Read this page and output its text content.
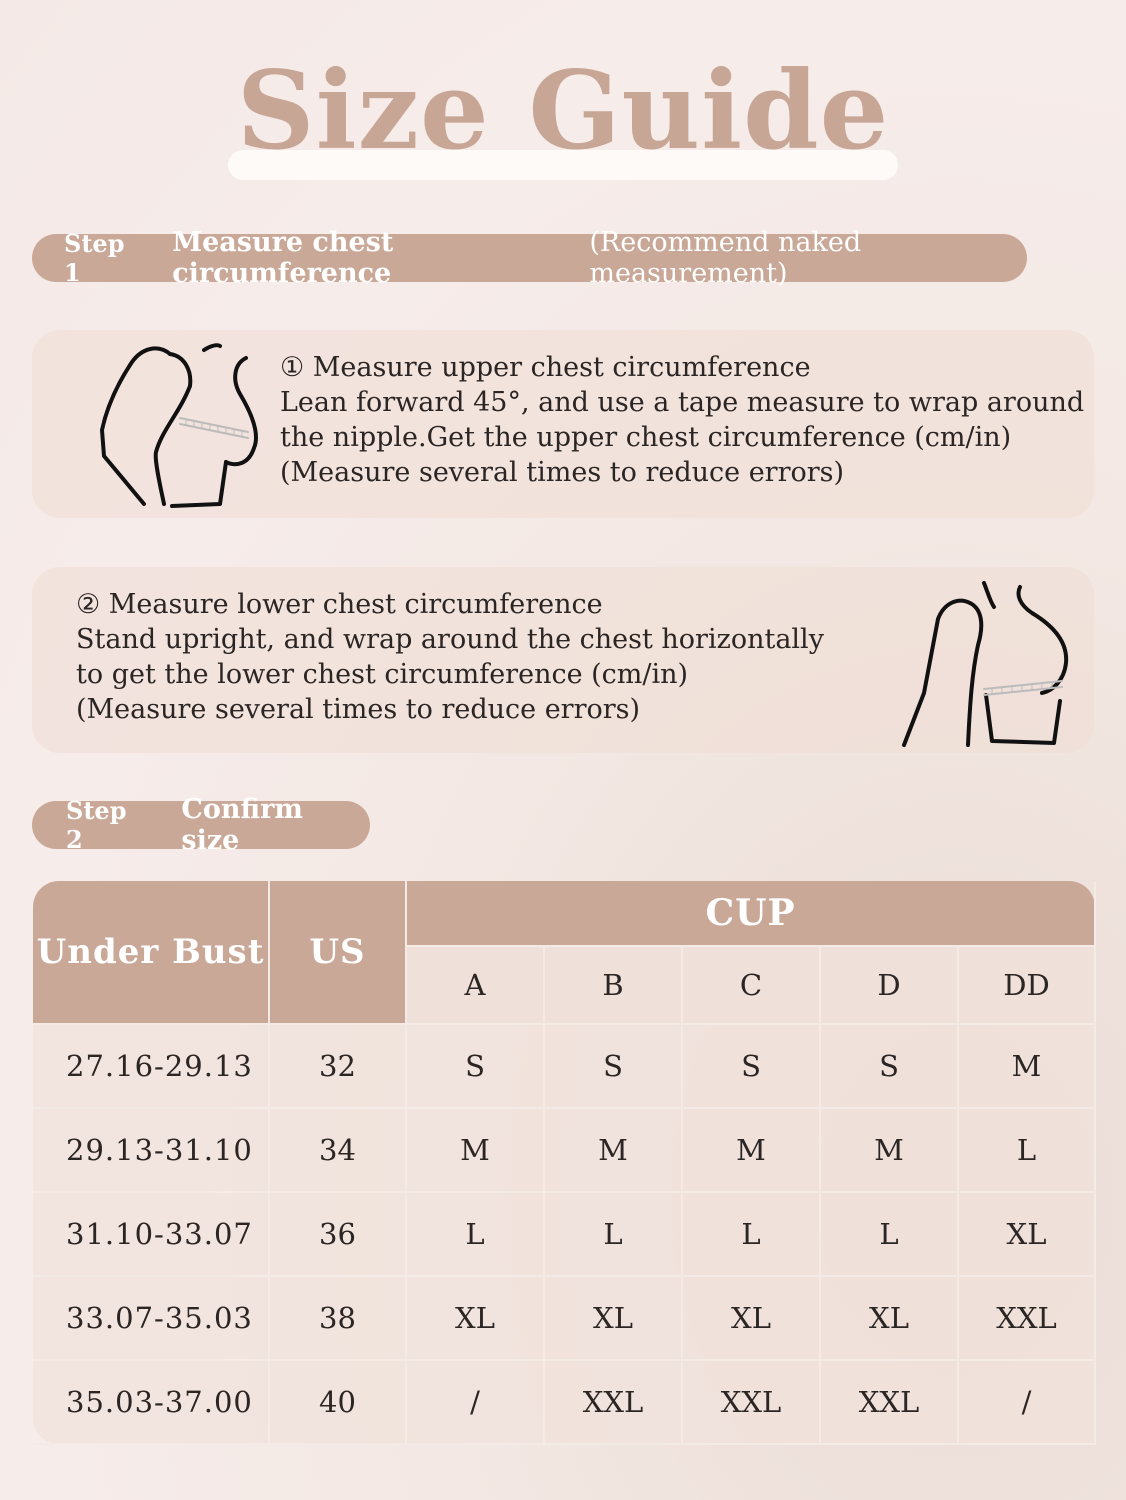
Size Guide
Step 1
Measure chest circumference
(Recommend naked measurement)
① Measure upper chest circumference
Lean forward 45°, and use a tape measure to wrap around
the nipple.Get the upper chest circumference (cm/in)
(Measure several times to reduce errors)
② Measure lower chest circumference
Stand upright, and wrap around the chest horizontally
to get the lower chest circumference (cm/in)
(Measure several times to reduce errors)
Step 2
Confirm size
Under Bust	US	CUP				
		A	B	C	D	DD
27.16-29.13	32	S	S	S	S	M
29.13-31.10	34	M	M	M	M	L
31.10-33.07	36	L	L	L	L	XL
33.07-35.03	38	XL	XL	XL	XL	XXL
35.03-37.00	40	/	XXL	XXL	XXL	/
